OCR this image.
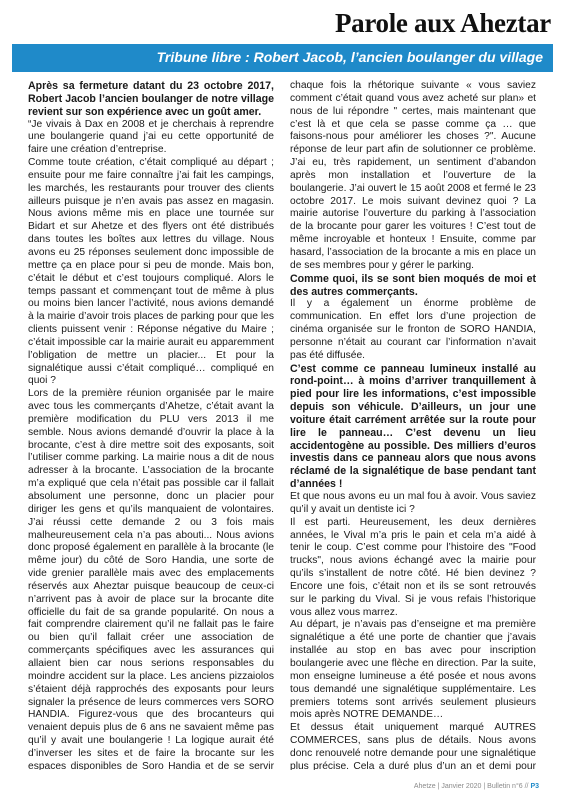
Parole aux Aheztar
Tribune libre : Robert Jacob, l’ancien boulanger du village

Après sa fermeture datant du 23 octobre 2017, Robert Jacob l’ancien boulanger de notre village revient sur son expérience avec un goût amer.

“Je vivais à Dax en 2008 et je cherchais à reprendre une boulangerie quand j’ai eu cette opportunité de faire une création d’entreprise.

Comme toute création, c’était compliqué au départ ; ensuite pour me faire connaître j’ai fait les campings, les marchés, les restaurants pour trouver des clients ailleurs puisque je n’en avais pas assez en magasin. Nous avions même mis en place une tournée sur Bidart et sur Ahetze et des flyers ont été distribués dans toutes les boîtes aux lettres du village. Nous avons eu 25 réponses seulement donc impossible de mettre ça en place pour si peu de monde. Mais bon, c’était le début et c’est toujours compliqué. Alors le temps passant et commençant tout de même à plus ou moins bien lancer l’activité, nous avions demandé à la mairie d’avoir trois places de parking pour que les clients puissent venir : Réponse négative du Maire ; c’était impossible car la mairie aurait eu apparemment l’obligation de mettre un placier... Et pour la signalétique aussi c’était compliqué… compliqué en quoi ?

Lors de la première réunion organisée par le maire avec tous les commerçants d’Ahetze, c’était avant la première modification du PLU vers 2013 il me semble. Nous avions demandé d’ouvrir la place à la brocante, c’est à dire mettre soit des exposants, soit l’utiliser comme parking. La mairie nous a dit de nous adresser à la brocante. L’association de la brocante m’a expliqué que cela n’était pas possible car il fallait absolument une personne, donc un placier pour diriger les gens et qu’ils manquaient de volontaires. J’ai réussi cette demande 2 ou 3 fois mais malheureusement cela n’a pas abouti... Nous avions donc proposé également en parallèle à la brocante (le même jour) du côté de Soro Handia, une sorte de vide grenier parallèle mais avec des emplacements réservés aux Aheztar puisque beaucoup de ceux-ci n’arrivent pas à avoir de place sur la brocante dite officielle du fait de sa grande popularité. On nous a fait comprendre clairement qu’il ne fallait pas le faire ou bien qu’il fallait créer une association de commerçants spécifiques avec les assurances qui allaient bien car nous serions responsables du moindre accident sur la place. Les anciens pizzaiolos s’étaient déjà rapprochés des exposants pour leurs signaler la présence de leurs commerces vers SORO HANDIA. Figurez-vous que des brocanteurs qui venaient depuis plus de 6 ans ne savaient même pas qu’il y avait une boulangerie ! La logique aurait été d’inverser les sites et de faire la brocante sur les espaces disponibles de Soro Handia et de se servir

chaque fois la rhétorique suivante « vous saviez comment c’était quand vous avez acheté sur plan» et nous de lui répondre " certes, mais maintenant que c’est là et que cela se passe comme ça … que faisons-nous pour améliorer les choses ?". Aucune réponse de leur part afin de solutionner ce problème. J’ai eu, très rapidement, un sentiment d’abandon après mon installation et l’ouverture de la boulangerie. J’ai ouvert le 15 août 2008 et fermé le 23 octobre 2017. Le mois suivant devinez quoi ? La mairie autorise l’ouverture du parking à l’association de la brocante pour garer les voitures ! C’est tout de même incroyable et honteux ! Ensuite, comme par hasard, l’association de la brocante a mis en place un de ses membres pour y gérer le parking.

Comme quoi, ils se sont bien moqués de moi et des autres commerçants.

Il y a également un énorme problème de communication. En effet lors d’une projection de cinéma organisée sur le fronton de SORO HANDIA, personne n’était au courant car l’information n’avait pas été diffusée.

C’est comme ce panneau lumineux installé au rond-point… à moins d’arriver tranquillement à pied pour lire les informations, c’est impossible depuis son véhicule. D’ailleurs, un jour une voiture était carrément arrêtée sur la route pour lire le panneau… C’est devenu un lieu accidentogène au possible. Des milliers d’euros investis dans ce panneau alors que nous avons réclamé de la signalétique de base pendant tant d’années !

Et que nous avons eu un mal fou à avoir. Vous saviez qu’il y avait un dentiste ici ?

Il est parti. Heureusement, les deux dernières années, le Vival m’a pris le pain et cela m’a aidé à tenir le coup. C’est comme pour l’histoire des "Food trucks", nous avions échangé avec la mairie pour qu’ils s’installent de notre côté. Hé bien devinez ? Encore une fois, c’était non et ils se sont retrouvés sur le parking du Vival. Si je vous refais l’historique vous allez vous marrez.

Au départ, je n’avais pas d’enseigne et ma première signalétique a été une porte de chantier que j’avais installée au stop en bas avec pour inscription boulangerie avec une flèche en direction. Par la suite, mon enseigne lumineuse a été posée et nous avons tous demandé une signalétique supplémentaire. Les premiers totems sont arrivés seulement plusieurs mois après NOTRE DEMANDE…

Et dessus était uniquement marqué AUTRES COMMERCES, sans plus de détails. Nous avons donc renouvelé notre demande pour une signalétique plus précise. Cela a duré plus d’un an et demi pour

Ahetze | Janvier 2020 | Bulletin n°6 // P3
